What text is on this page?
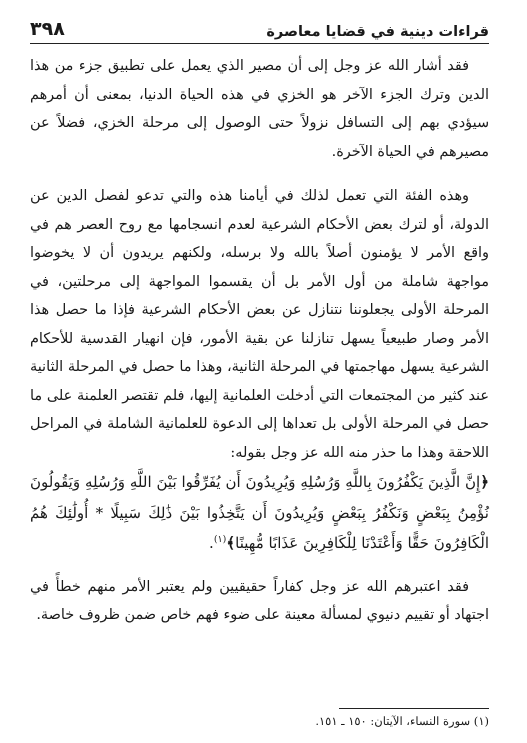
قراءات دينية في قضايا معاصرة
٣٩٨

فقد أشار الله عز وجل إلى أن مصير الذي يعمل على تطبيق جزء من هذا الدين وترك الجزء الآخر هو الخزي في هذه الحياة الدنيا، بمعنى أن أمرهم سيؤدي بهم إلى التسافل نزولاً حتى الوصول إلى مرحلة الخزي، فضلاً عن مصيرهم في الحياة الآخرة.

وهذه الفئة التي تعمل لذلك في أيامنا هذه والتي تدعو لفصل الدين عن الدولة، أو لترك بعض الأحكام الشرعية لعدم انسجامها مع روح العصر هم في واقع الأمر لا يؤمنون أصلاً بالله ولا برسله، ولكنهم يريدون أن لا يخوضوا مواجهة شاملة من أول الأمر بل أن يقسموا المواجهة إلى مرحلتين، في المرحلة الأولى يجعلوننا نتنازل عن بعض الأحكام الشرعية فإذا ما حصل هذا الأمر وصار طبيعياً يسهل تنازلنا عن بقية الأمور، فإن انهيار القدسية للأحكام الشرعية يسهل مهاجمتها في المرحلة الثانية، وهذا ما حصل في المرحلة الثانية عند كثير من المجتمعات التي أدخلت العلمانية إليها، فلم تقتصر العلمنة على ما حصل في المرحلة الأولى بل تعداها إلى الدعوة للعلمانية الشاملة في المراحل اللاحقة وهذا ما حذر منه الله عز وجل بقوله:

﴿إِنَّ الَّذِينَ يَكْفُرُونَ بِاللَّهِ وَرُسُلِهِ وَيُرِيدُونَ أَن يُفَرِّقُوا بَيْنَ اللَّهِ وَرُسُلِهِ وَيَقُولُونَ نُؤْمِنُ بِبَعْضٍ وَنَكْفُرُ بِبَعْضٍ وَيُرِيدُونَ أَن يَتَّخِذُوا بَيْنَ ذَٰلِكَ سَبِيلًا * أُولَٰئِكَ هُمُ الْكَافِرُونَ حَقًّا وَأَعْتَدْنَا لِلْكَافِرِينَ عَذَابًا مُّهِينًا﴾$^{(١)}$.

فقد اعتبرهم الله عز وجل كفاراً حقيقيين ولم يعتبر الأمر منهم خطأً في اجتهاد أو تقييم دنيوي لمسألة معينة على ضوء فهم خاص ضمن ظروف خاصة.

(١) سورة النساء، الآيتان: ١٥٠ ـ ١٥١.
